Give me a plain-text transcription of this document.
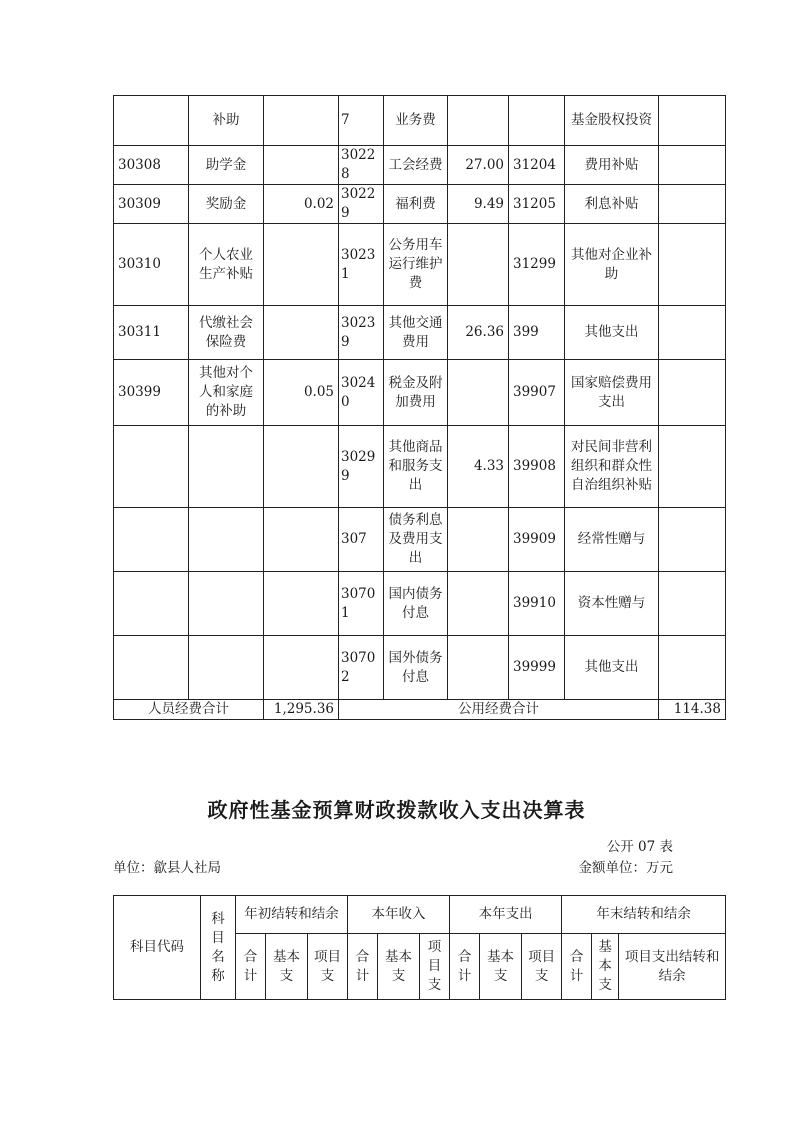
	补助		7	业务费			基金股权投资	
30308	助学金		30228	工会经费	27.00	31204	费用补贴	
30309	奖励金	0.02	30229	福利费	9.49	31205	利息补贴	
30310	个人农业生产补贴		30231	公务用车运行维护费		31299	其他对企业补助	
30311	代缴社会保险费		30239	其他交通费用	26.36	399	其他支出	
30399	其他对个人和家庭的补助	0.05	30240	税金及附加费用		39907	国家赔偿费用支出	
			30299	其他商品和服务支出	4.33	39908	对民间非营利组织和群众性自治组织补贴	
			307	债务利息及费用支出		39909	经常性赠与	
			30701	国内债务付息		39910	资本性赠与	
			30702	国外债务付息		39999	其他支出	
人员经费合计		1,295.36	公用经费合计					114.38
政府性基金预算财政拨款收入支出决算表
公开 07 表
单位：歙县人社局	金额单位：万元
科目代码	科目名称	年初结转和结余			本年收入			本年支出			年末结转和结余		
		合计	基本支	项目支	合计	基本支	项目支	合计	基本支	项目支	合计	基本支	项目支出结转和结余
